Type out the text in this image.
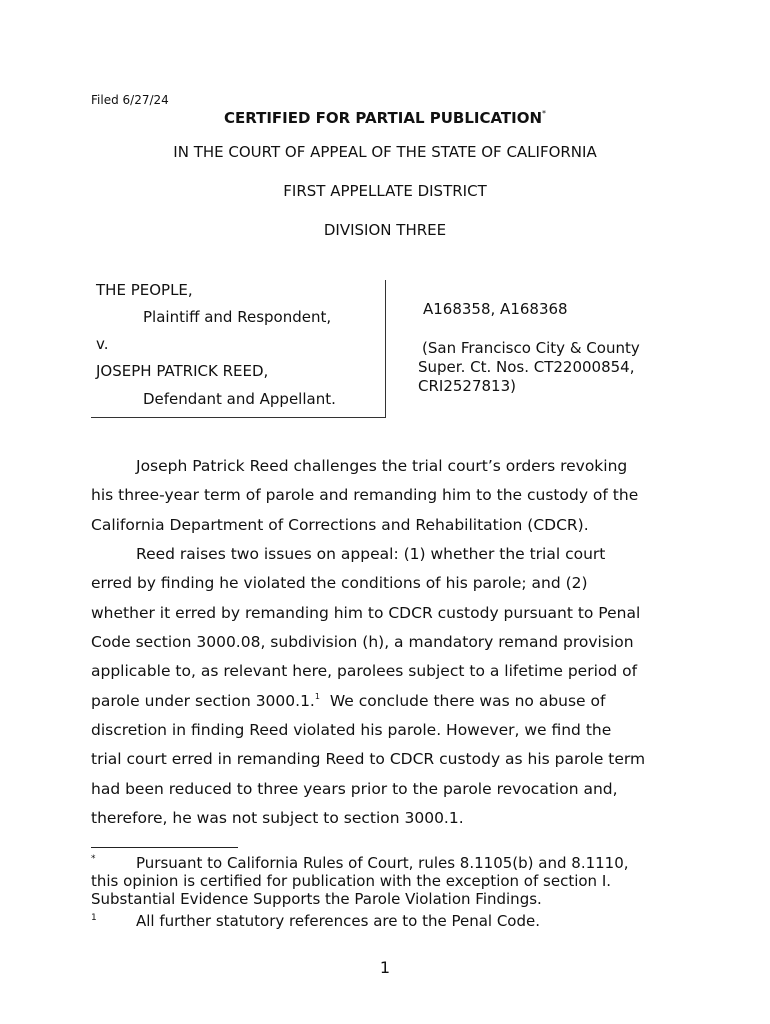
Filed 6/27/24
CERTIFIED FOR PARTIAL PUBLICATION*
IN THE COURT OF APPEAL OF THE STATE OF CALIFORNIA
FIRST APPELLATE DISTRICT
DIVISION THREE
THE PEOPLE,
Plaintiff and Respondent,
v.
JOSEPH PATRICK REED,
Defendant and Appellant.
A168358, A168368
(San Francisco City & County
Super. Ct. Nos. CT22000854,
CRI2527813)
Joseph Patrick Reed challenges the trial court’s orders revoking
his three-year term of parole and remanding him to the custody of the
California Department of Corrections and Rehabilitation (CDCR).
Reed raises two issues on appeal: (1) whether the trial court
erred by finding he violated the conditions of his parole; and (2)
whether it erred by remanding him to CDCR custody pursuant to Penal
Code section 3000.08, subdivision (h), a mandatory remand provision
applicable to, as relevant here, parolees subject to a lifetime period of
parole under section 3000.1.$^1$ We conclude there was no abuse of
discretion in finding Reed violated his parole. However, we find the
trial court erred in remanding Reed to CDCR custody as his parole term
had been reduced to three years prior to the parole revocation and,
therefore, he was not subject to section 3000.1.
*	Pursuant to California Rules of Court, rules 8.1105(b) and 8.1110,
this opinion is certified for publication with the exception of section I.
Substantial Evidence Supports the Parole Violation Findings.
1	All further statutory references are to the Penal Code.
1
